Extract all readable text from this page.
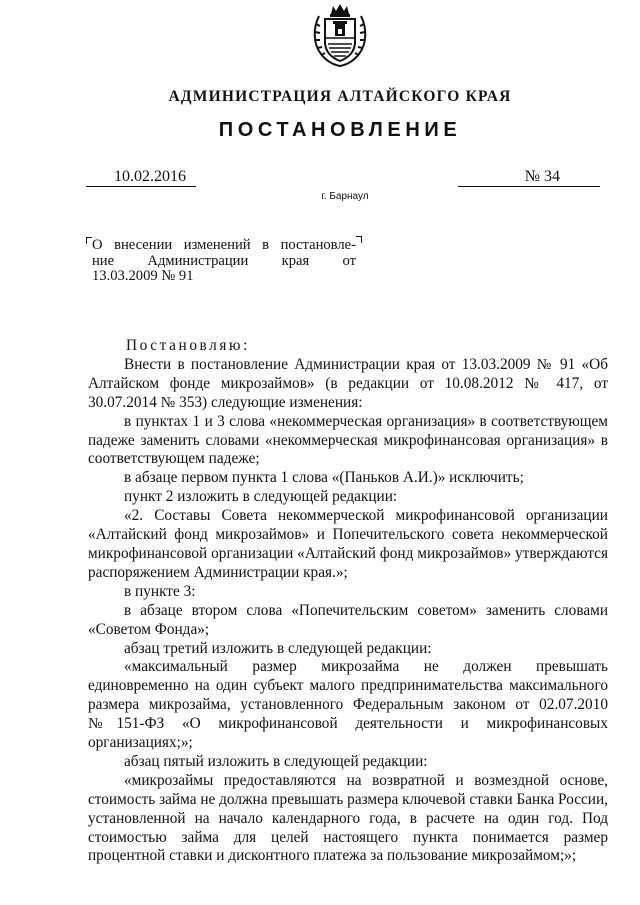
АДМИНИСТРАЦИЯ АЛТАЙСКОГО КРАЯ
ПОСТАНОВЛЕНИЕ
10.02.2016	№ 34
г. Барнаул
О внесении изменений в постановле-
ние Администрации края от
13.03.2009 № 91
Постановляю:
Внести в постановление Администрации края от 13.03.2009 № 91 «Об Алтайском фонде микрозаймов» (в редакции от 10.08.2012 № 417, от 30.07.2014 № 353) следующие изменения:
в пунктах 1 и 3 слова «некоммерческая организация» в соответствующем падеже заменить словами «некоммерческая микрофинансовая организация» в соответствующем падеже;
в абзаце первом пункта 1 слова «(Паньков А.И.)» исключить;
пункт 2 изложить в следующей редакции:
«2. Составы Совета некоммерческой микрофинансовой организации «Алтайский фонд микрозаймов» и Попечительского совета некоммерческой микрофинансовой организации «Алтайский фонд микрозаймов» утверждаются распоряжением Администрации края.»;
в пункте 3:
в абзаце втором слова «Попечительским советом» заменить словами «Советом Фонда»;
абзац третий изложить в следующей редакции:
«максимальный размер микрозайма не должен превышать единовременно на один субъект малого предпринимательства максимального размера микрозайма, установленного Федеральным законом от 02.07.2010 №151-ФЗ «О микрофинансовой деятельности и микрофинансовых организациях;»;
абзац пятый изложить в следующей редакции:
«микрозаймы предоставляются на возвратной и возмездной основе, стоимость займа не должна превышать размера ключевой ставки Банка России, установленной на начало календарного года, в расчете на один год. Под стоимостью займа для целей настоящего пункта понимается размер процентной ставки и дисконтного платежа за пользование микрозаймом;»;
